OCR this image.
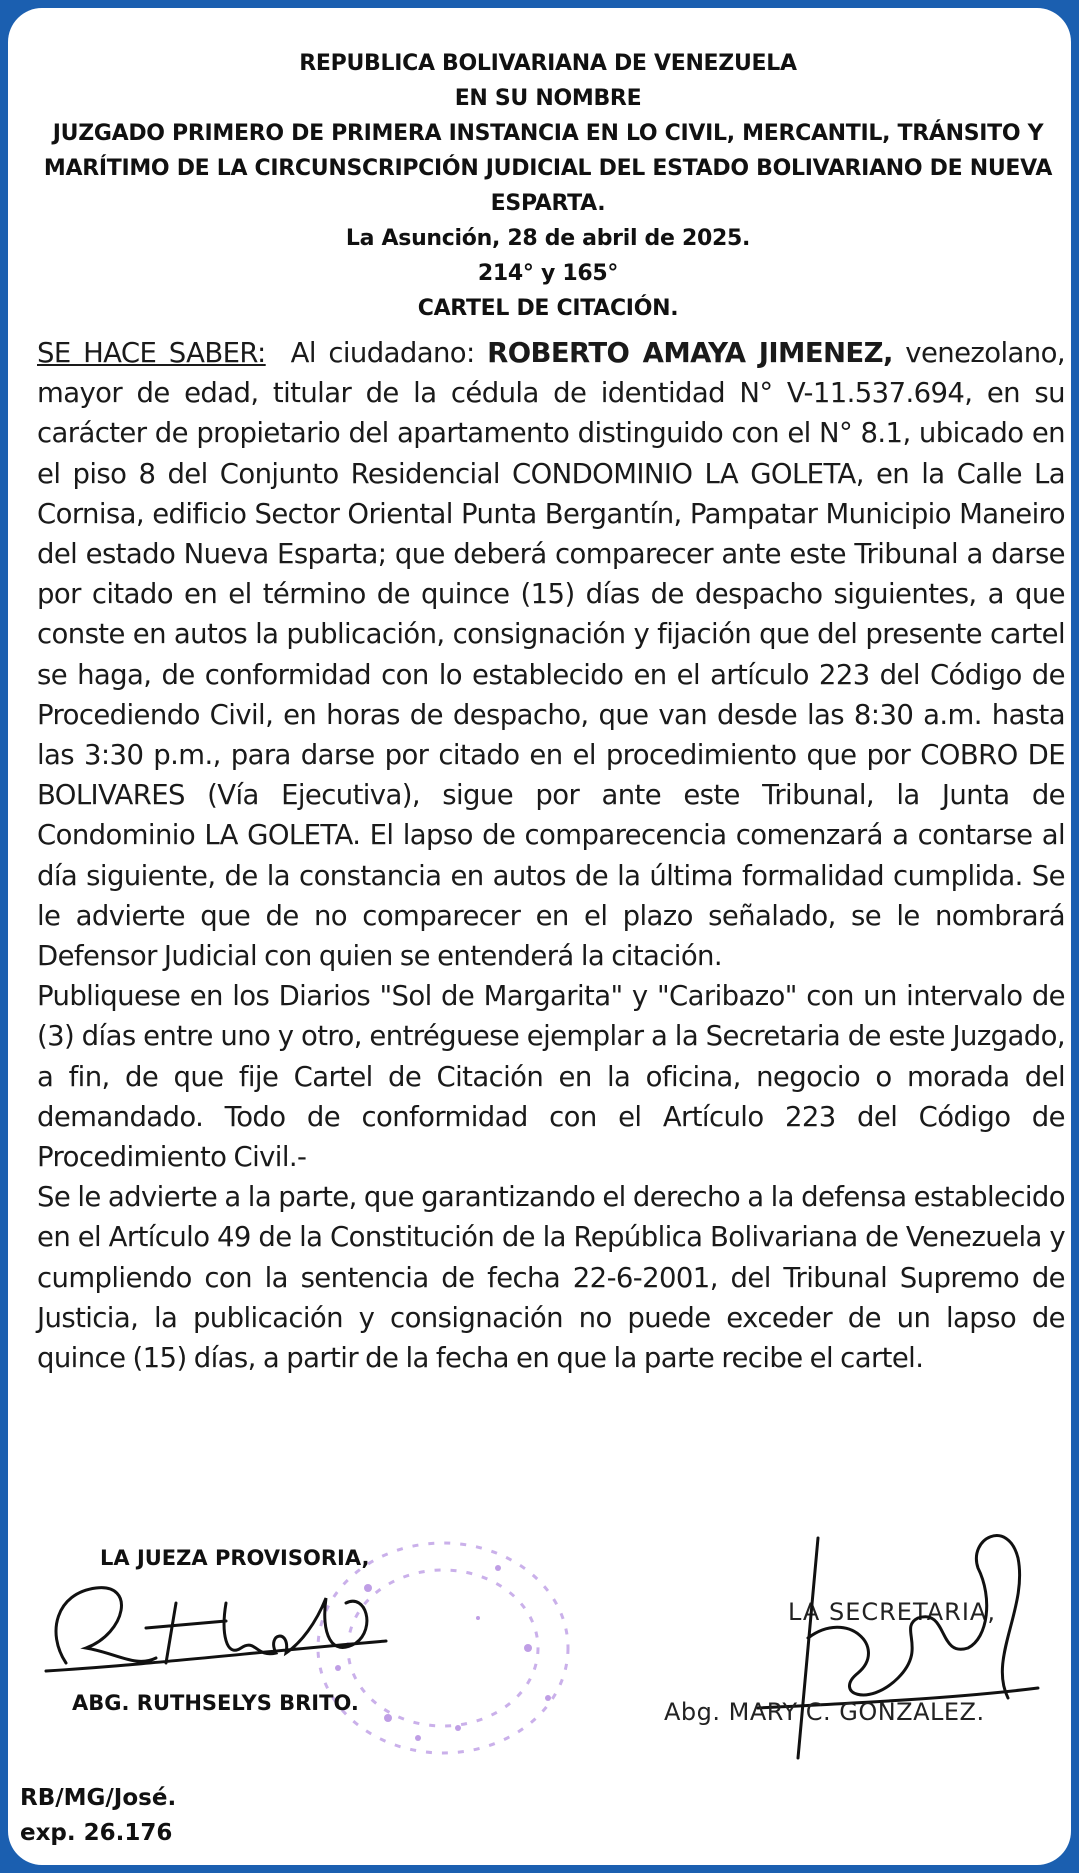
REPUBLICA BOLIVARIANA DE VENEZUELA
EN SU NOMBRE
JUZGADO PRIMERO DE PRIMERA INSTANCIA EN LO CIVIL, MERCANTIL, TRÁNSITO Y
MARÍTIMO DE LA CIRCUNSCRIPCIÓN JUDICIAL DEL ESTADO BOLIVARIANO DE NUEVA
ESPARTA.
La Asunción, 28 de abril de 2025.
214° y 165°
CARTEL DE CITACIÓN.

SE HACE SABER: Al ciudadano: ROBERTO AMAYA JIMENEZ, venezolano, mayor de edad, titular de la cédula de identidad N° V-11.537.694, en su carácter de propietario del apartamento distinguido con el N° 8.1, ubicado en el piso 8 del Conjunto Residencial CONDOMINIO LA GOLETA, en la Calle La Cornisa, edificio Sector Oriental Punta Bergantín, Pampatar Municipio Maneiro del estado Nueva Esparta; que deberá comparecer ante este Tribunal a darse por citado en el término de quince (15) días de despacho siguientes, a que conste en autos la publicación, consignación y fijación que del presente cartel se haga, de conformidad con lo establecido en el artículo 223 del Código de Procediendo Civil, en horas de despacho, que van desde las 8:30 a.m. hasta las 3:30 p.m., para darse por citado en el procedimiento que por COBRO DE BOLIVARES (Vía Ejecutiva), sigue por ante este Tribunal, la Junta de Condominio LA GOLETA. El lapso de comparecencia comenzará a contarse al día siguiente, de la constancia en autos de la última formalidad cumplida. Se le advierte que de no comparecer en el plazo señalado, se le nombrará Defensor Judicial con quien se entenderá la citación.

Publiquese en los Diarios "Sol de Margarita" y "Caribazo" con un intervalo de (3) días entre uno y otro, entréguese ejemplar a la Secretaria de este Juzgado, a fin, de que fije Cartel de Citación en la oficina, negocio o morada del demandado. Todo de conformidad con el Artículo 223 del Código de Procedimiento Civil.-

Se le advierte a la parte, que garantizando el derecho a la defensa establecido en el Artículo 49 de la Constitución de la República Bolivariana de Venezuela y cumpliendo con la sentencia de fecha 22-6-2001, del Tribunal Supremo de Justicia, la publicación y consignación no puede exceder de un lapso de quince (15) días, a partir de la fecha en que la parte recibe el cartel.

LA JUEZA PROVISORIA,
ABG. RUTHSELYS BRITO.
LA SECRETARIA,
Abg. MARY C. GONZALEZ.
RB/MG/José.
exp. 26.176
